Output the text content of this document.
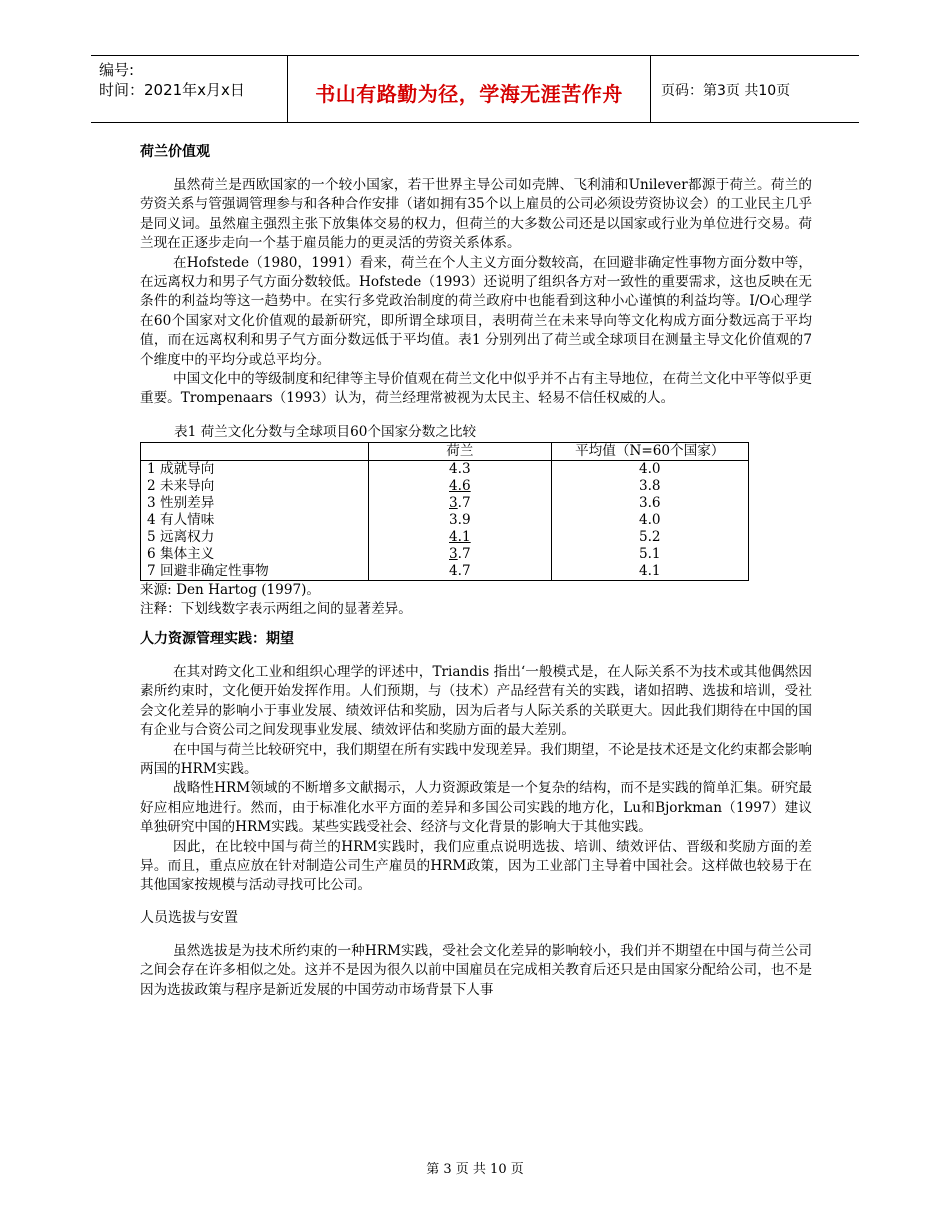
编号:
时间：2021年x月x日	书山有路勤为径，学海无涯苦作舟	页码：第3页 共10页
荷兰价值观

虽然荷兰是西欧国家的一个较小国家，若干世界主导公司如壳牌、飞利浦和Unilever都源于荷兰。荷兰的劳资关系与管强调管理参与和各种合作安排（诸如拥有35个以上雇员的公司必须设劳资协议会）的工业民主几乎是同义词。虽然雇主强烈主张下放集体交易的权力，但荷兰的大多数公司还是以国家或行业为单位进行交易。荷兰现在正逐步走向一个基于雇员能力的更灵活的劳资关系体系。

在Hofstede（1980，1991）看来，荷兰在个人主义方面分数较高，在回避非确定性事物方面分数中等，在远离权力和男子气方面分数较低。Hofstede（1993）还说明了组织各方对一致性的重要需求，这也反映在无条件的利益均等这一趋势中。在实行多党政治制度的荷兰政府中也能看到这种小心谨慎的利益均等。I/O心理学在60个国家对文化价值观的最新研究，即所谓全球项目，表明荷兰在未来导向等文化构成方面分数远高于平均值，而在远离权利和男子气方面分数远低于平均值。表1 分别列出了荷兰或全球项目在测量主导文化价值观的7个维度中的平均分或总平均分。

中国文化中的等级制度和纪律等主导价值观在荷兰文化中似乎并不占有主导地位，在荷兰文化中平等似乎更重要。Trompenaars（1993）认为，荷兰经理常被视为太民主、轻易不信任权威的人。

表1 荷兰文化分数与全球项目60个国家分数之比较
	荷兰	平均值（N=60个国家）
1 成就导向	4.3	4.0
2 未来导向	4.6	3.8
3 性别差异	3.7	3.6
4 有人情味	3.9	4.0
5 远离权力	4.1	5.2
6 集体主义	3.7	5.1
7 回避非确定性事物	4.7	4.1

来源: Den Hartog (1997)。

注释：下划线数字表示两组之间的显著差异。

人力资源管理实践：期望

在其对跨文化工业和组织心理学的评述中，Triandis 指出‘一般模式是，在人际关系不为技术或其他偶然因素所约束时，文化便开始发挥作用。人们预期，与（技术）产品经营有关的实践，诸如招聘、选拔和培训，受社会文化差异的影响小于事业发展、绩效评估和奖励，因为后者与人际关系的关联更大。因此我们期待在中国的国有企业与合资公司之间发现事业发展、绩效评估和奖励方面的最大差别。

在中国与荷兰比较研究中，我们期望在所有实践中发现差异。我们期望，不论是技术还是文化约束都会影响两国的HRM实践。

战略性HRM领域的不断增多文献揭示，人力资源政策是一个复杂的结构，而不是实践的简单汇集。研究最好应相应地进行。然而，由于标准化水平方面的差异和多国公司实践的地方化，Lu和Bjorkman（1997）建议单独研究中国的HRM实践。某些实践受社会、经济与文化背景的影响大于其他实践。

因此，在比较中国与荷兰的HRM实践时，我们应重点说明选拔、培训、绩效评估、晋级和奖励方面的差异。而且，重点应放在针对制造公司生产雇员的HRM政策，因为工业部门主导着中国社会。这样做也较易于在其他国家按规模与活动寻找可比公司。

人员选拔与安置

虽然选拔是为技术所约束的一种HRM实践，受社会文化差异的影响较小，我们并不期望在中国与荷兰公司之间会存在许多相似之处。这并不是因为很久以前中国雇员在完成相关教育后还只是由国家分配给公司，也不是因为选拔政策与程序是新近发展的中国劳动市场背景下人事

第 3 页 共 10 页
